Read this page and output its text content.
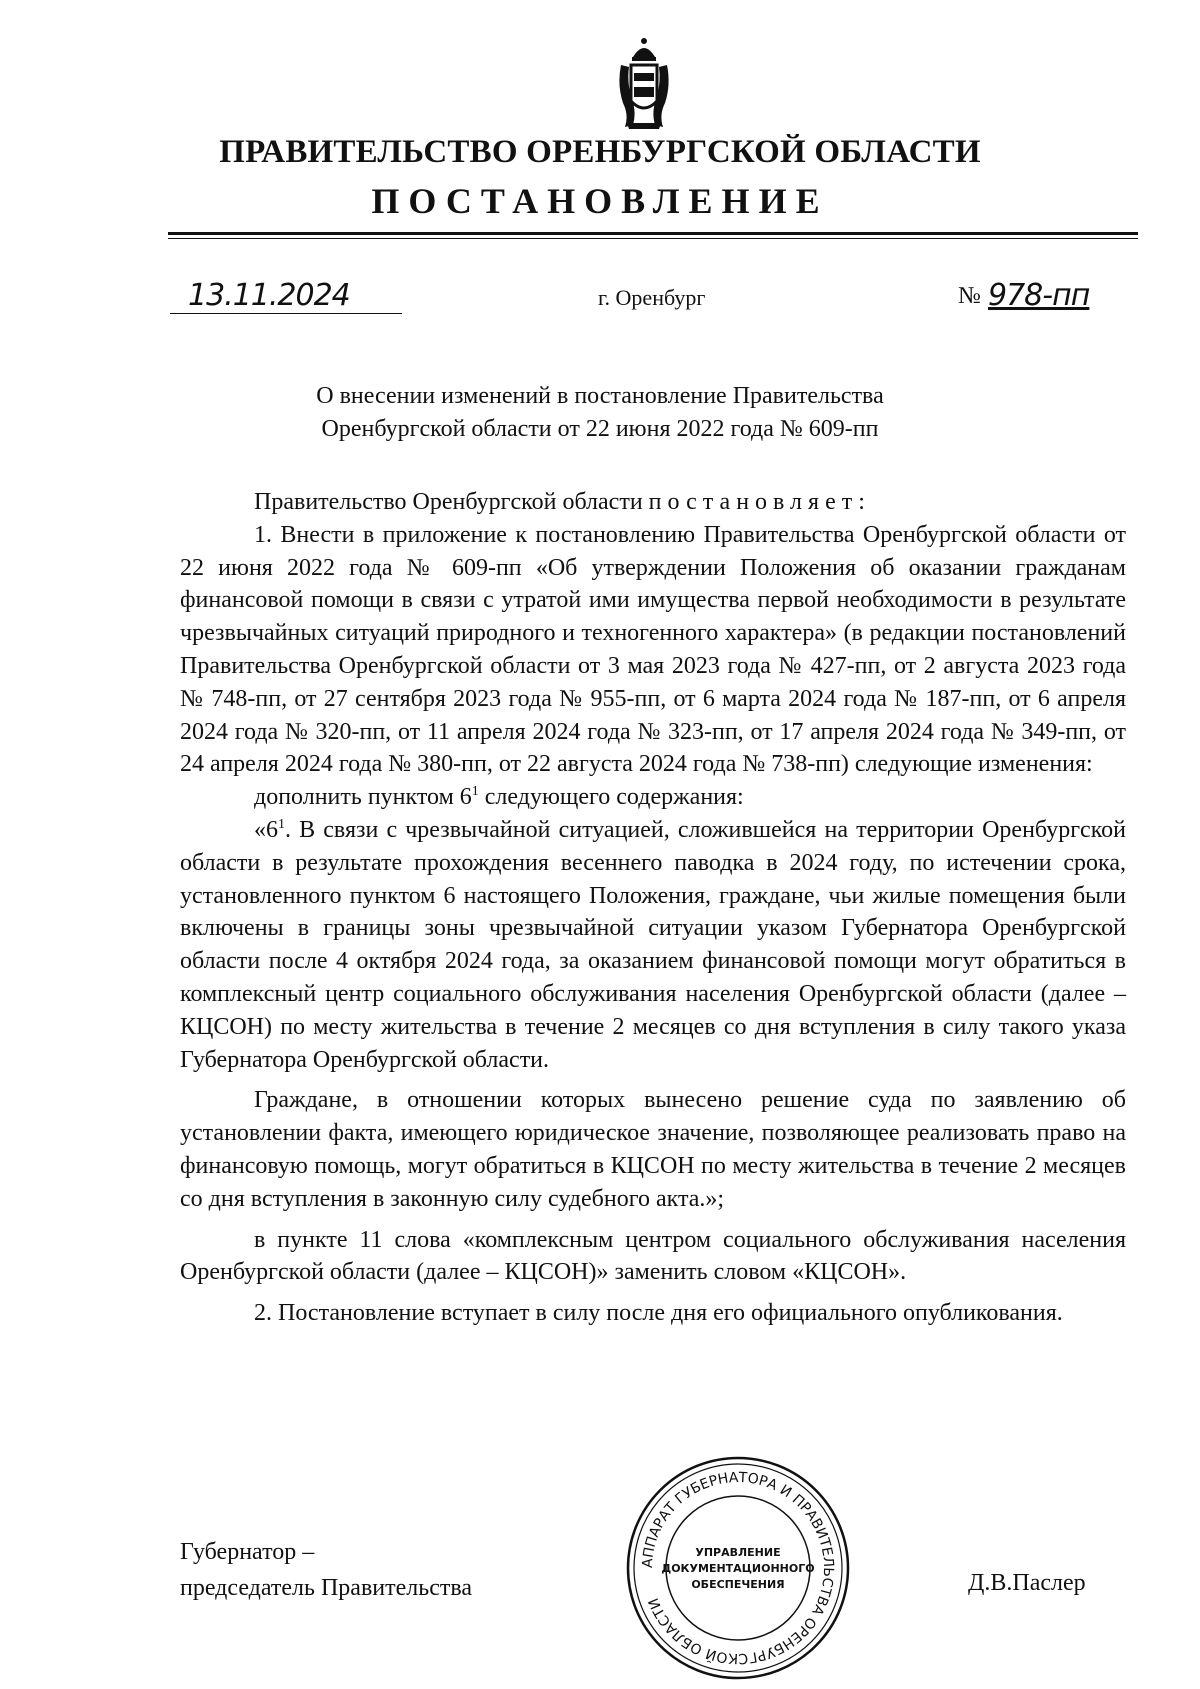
ПРАВИТЕЛЬСТВО ОРЕНБУРГСКОЙ ОБЛАСТИ
ПОСТАНОВЛЕНИЕ
13.11.2024	г. Оренбург	№ 978-пп
О внесении изменений в постановление Правительства
Оренбургской области от 22 июня 2022 года № 609-пп

Правительство Оренбургской области постановляет:

1. Внести в приложение к постановлению Правительства Оренбургской области от 22 июня 2022 года № 609-пп «Об утверждении Положения об оказании гражданам финансовой помощи в связи с утратой ими имущества первой необходимости в результате чрезвычайных ситуаций природного и техногенного характера» (в редакции постановлений Правительства Оренбургской области от 3 мая 2023 года № 427-пп, от 2 августа 2023 года № 748-пп, от 27 сентября 2023 года № 955-пп, от 6 марта 2024 года № 187-пп, от 6 апреля 2024 года № 320-пп, от 11 апреля 2024 года № 323-пп, от 17 апреля 2024 года № 349-пп, от 24 апреля 2024 года № 380-пп, от 22 августа 2024 года № 738-пп) следующие изменения:

дополнить пунктом $6^1$ следующего содержания:

«$6^1$. В связи с чрезвычайной ситуацией, сложившейся на территории Оренбургской области в результате прохождения весеннего паводка в 2024 году, по истечении срока, установленного пунктом 6 настоящего Положения, граждане, чьи жилые помещения были включены в границы зоны чрезвычайной ситуации указом Губернатора Оренбургской области после 4 октября 2024 года, за оказанием финансовой помощи могут обратиться в комплексный центр социального обслуживания населения Оренбургской области (далее – КЦСОН) по месту жительства в течение 2 месяцев со дня вступления в силу такого указа Губернатора Оренбургской области.

Граждане, в отношении которых вынесено решение суда по заявлению об установлении факта, имеющего юридическое значение, позволяющее реализовать право на финансовую помощь, могут обратиться в КЦСОН по месту жительства в течение 2 месяцев со дня вступления в законную силу судебного акта.»;

в пункте 11 слова «комплексным центром социального обслуживания населения Оренбургской области (далее – КЦСОН)» заменить словом «КЦСОН».

2. Постановление вступает в силу после дня его официального опубликования.

Губернатор –
председатель Правительства	Д.В.Паслер
АППАРАТ ГУБЕРНАТОРА И ПРАВИТЕЛЬСТВА ОРЕНБУРГСКОЙ ОБЛАСТИ
УПРАВЛЕНИЕ
ДОКУМЕНТАЦИОННОГО
ОБЕСПЕЧЕНИЯ
